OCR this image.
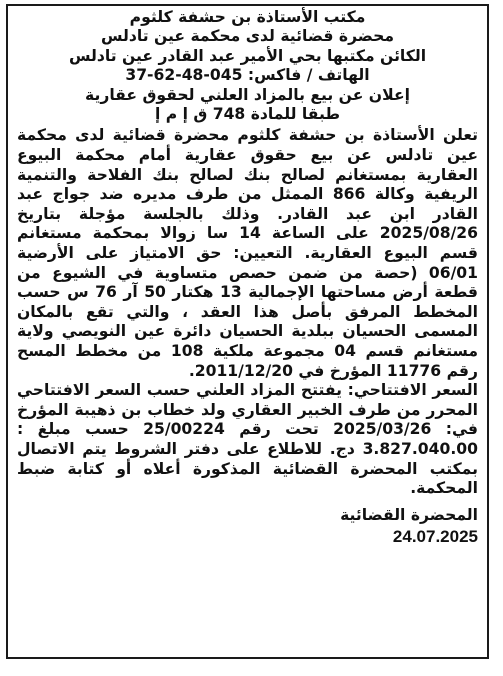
مكتب الأستاذة بن حشفة كلثوم
محضرة قضائية لدى محكمة عين تادلس
الكائن مكتبها بحي الأمير عبد القادر عين تادلس
الهاتف / فاكس: 37-62-48-045
إعلان عن بيع بالمزاد العلني لحقوق عقارية
طبقا للمادة 748 ق إ م إ

تعلن الأستاذة بن حشفة كلثوم محضرة قضائية لدى محكمة عين تادلس عن بيع حقوق عقارية أمام محكمة البيوع العقارية بمستغانم لصالح بنك لصالح بنك الفلاحة والتنمية الريفية وكالة 866 الممثل من طرف مديره ضد جواج عبد القادر ابن عبد القادر. وذلك بالجلسة مؤجلة بتاريخ 2025/08/26 على الساعة 14 سا زوالا بمحكمة مستغانم قسم البيوع العقارية. التعيين: حق الامتياز على الأرضية 06/01 (حصة من ضمن حصص متساوية في الشيوع من قطعة أرض مساحتها الإجمالية 13 هكتار 50 آر 76 س حسب المخطط المرفق بأصل هذا العقد ، والتي تقع بالمكان المسمى الحسيان ببلدية الحسيان دائرة عين النويصي ولاية مستغانم قسم 04 مجموعة ملكية 108 من مخطط المسح رقم 11776 المؤرخ في 2011/12/20.

السعر الافتتاحي: يفتتح المزاد العلني حسب السعر الافتتاحي المحرر من طرف الخبير العقاري ولد خطاب بن ذهيبة المؤرخ في: 2025/03/26 تحت رقم 25/00224 حسب مبلغ : 3.827.040.00 دج. للاطلاع على دفتر الشروط يتم الاتصال بمكتب المحضرة القضائية المذكورة أعلاه أو كتابة ضبط المحكمة.

المحضرة القضائية
24.07.2025
